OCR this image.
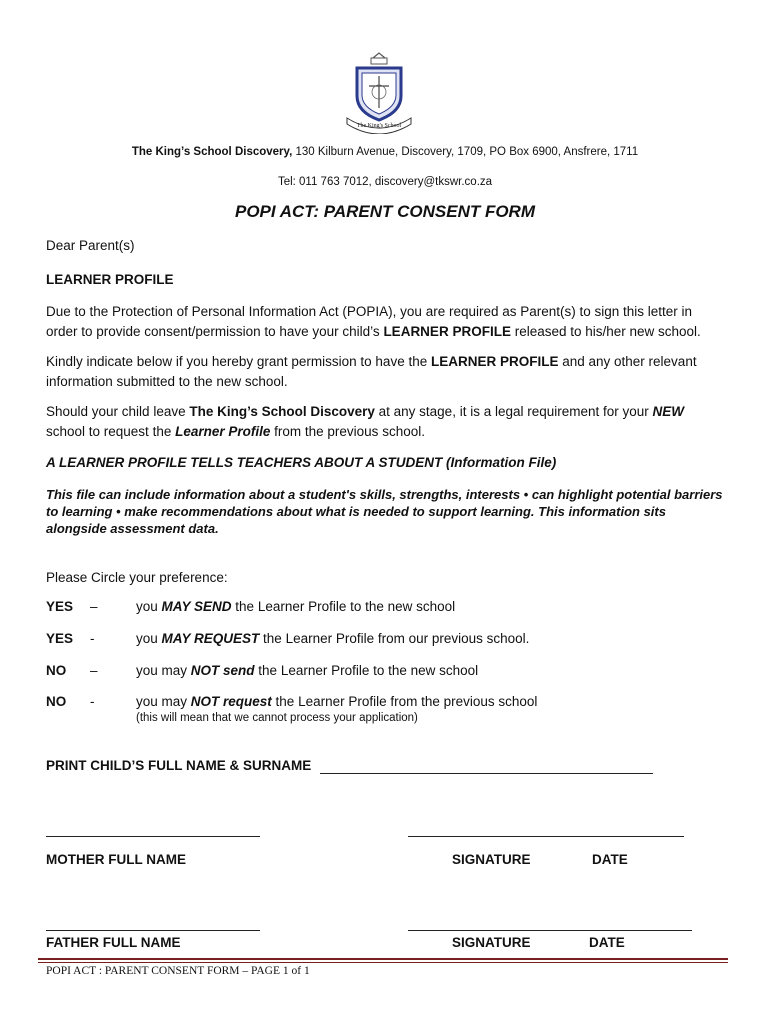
The King's School
The King’s School Discovery, 130 Kilburn Avenue, Discovery, 1709, PO Box 6900, Ansfrere, 1711
Tel: 011 763 7012, discovery@tkswr.co.za
POPI ACT: PARENT CONSENT FORM
Dear Parent(s)
LEARNER PROFILE
Due to the Protection of Personal Information Act (POPIA), you are required as Parent(s) to sign this letter in order to provide consent/permission to have your child’s LEARNER PROFILE released to his/her new school.
Kindly indicate below if you hereby grant permission to have the LEARNER PROFILE and any other relevant information submitted to the new school.
Should your child leave The King’s School Discovery at any stage, it is a legal requirement for your NEW school to request the Learner Profile from the previous school.
A LEARNER PROFILE TELLS TEACHERS ABOUT A STUDENT (Information File)
This file can include information about a student's skills, strengths, interests • can highlight potential barriers to learning • make recommendations about what is needed to support learning. This information sits alongside assessment data.
Please Circle your preference:
YES –	you MAY SEND the Learner Profile to the new school
YES -	you MAY REQUEST the Learner Profile from our previous school.
NO –	you may NOT send the Learner Profile to the new school
NO -	you may NOT request the Learner Profile from the previous school
(this will mean that we cannot process your application)
PRINT CHILD’S FULL NAME & SURNAME
MOTHER FULL NAME	SIGNATURE	DATE
FATHER FULL NAME	SIGNATURE	DATE
POPI ACT : PARENT CONSENT FORM – PAGE 1 of 1
